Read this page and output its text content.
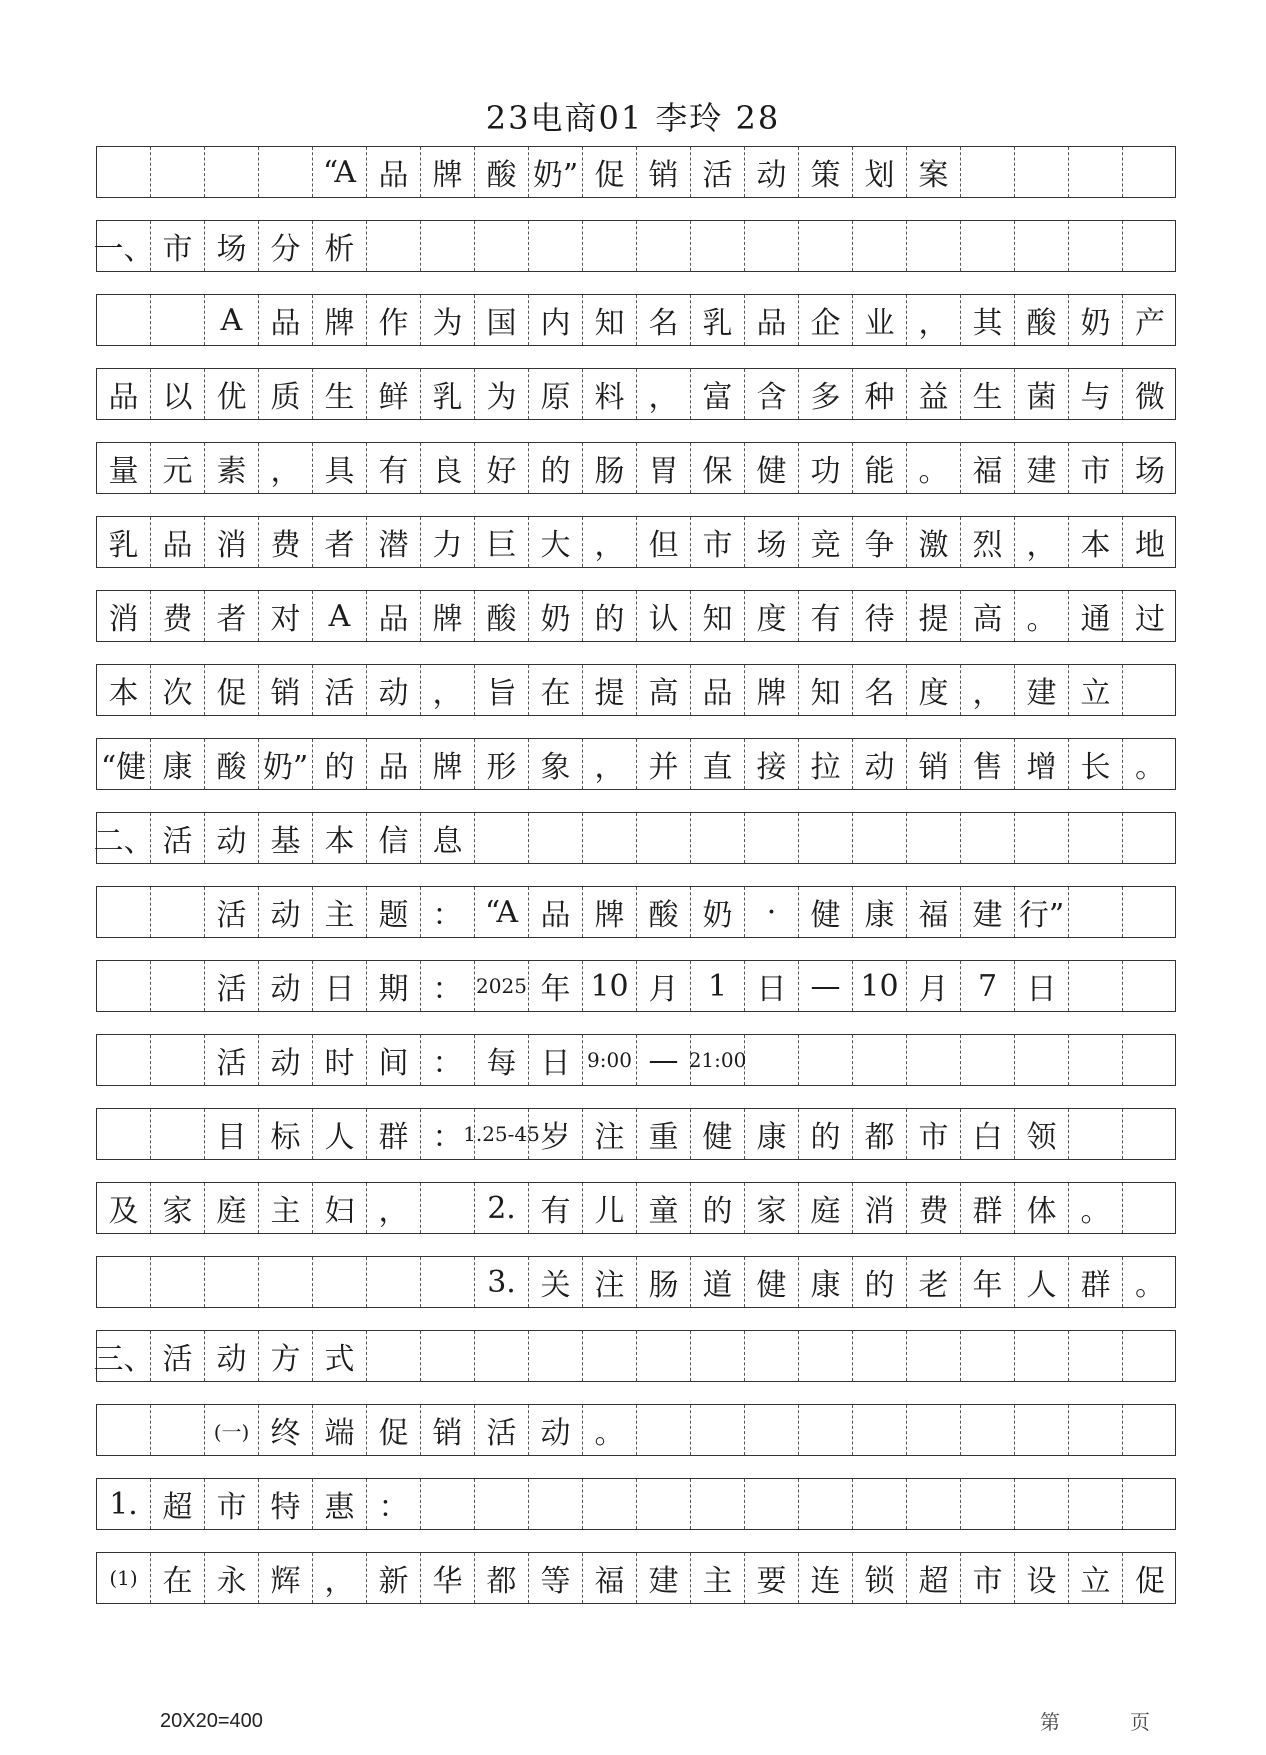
23电商01 李玲 28
“A 品 牌 酸 奶” 促 销 活 动 策 划 案
一、 市 场 分 析
A 品 牌 作 为 国 内 知 名 乳 品 企 业 ， 其 酸 奶 产
品 以 优 质 生 鲜 乳 为 原 料 ， 富 含 多 种 益 生 菌 与 微
量 元 素 ， 具 有 良 好 的 肠 胃 保 健 功 能 。 福 建 市 场
乳 品 消 费 者 潜 力 巨 大 ， 但 市 场 竞 争 激 烈 ， 本 地
消 费 者 对 A 品 牌 酸 奶 的 认 知 度 有 待 提 高 。 通 过
本 次 促 销 活 动 ， 旨 在 提 高 品 牌 知 名 度 ， 建 立
“健 康 酸 奶” 的 品 牌 形 象 ， 并 直 接 拉 动 销 售 增 长 。
二、 活 动 基 本 信 息
活 动 主 题 ： “A 品 牌 酸 奶	·	健 康 福 建 行”
活 动 日 期 ： 2025 年 10 月 1 日 — 10 月 7 日
活 动 时 间 ： 每 日 9:00 — 21:00
目 标 人 群 ： 1.25-45 岁 注 重 健 康 的 都 市 白 领
及 家 庭 主 妇 ，	2. 有 儿 童 的 家 庭 消 费 群 体 。
3. 关 注 肠 道 健 康 的 老 年 人 群 。
三、 活 动 方 式
(一) 终 端 促 销 活 动 。
1. 超 市 特 惠 ：
(1) 在 永 辉 ， 新 华 都 等 福 建 主 要 连 锁 超 市 设 立 促
20X20=400	第	页
